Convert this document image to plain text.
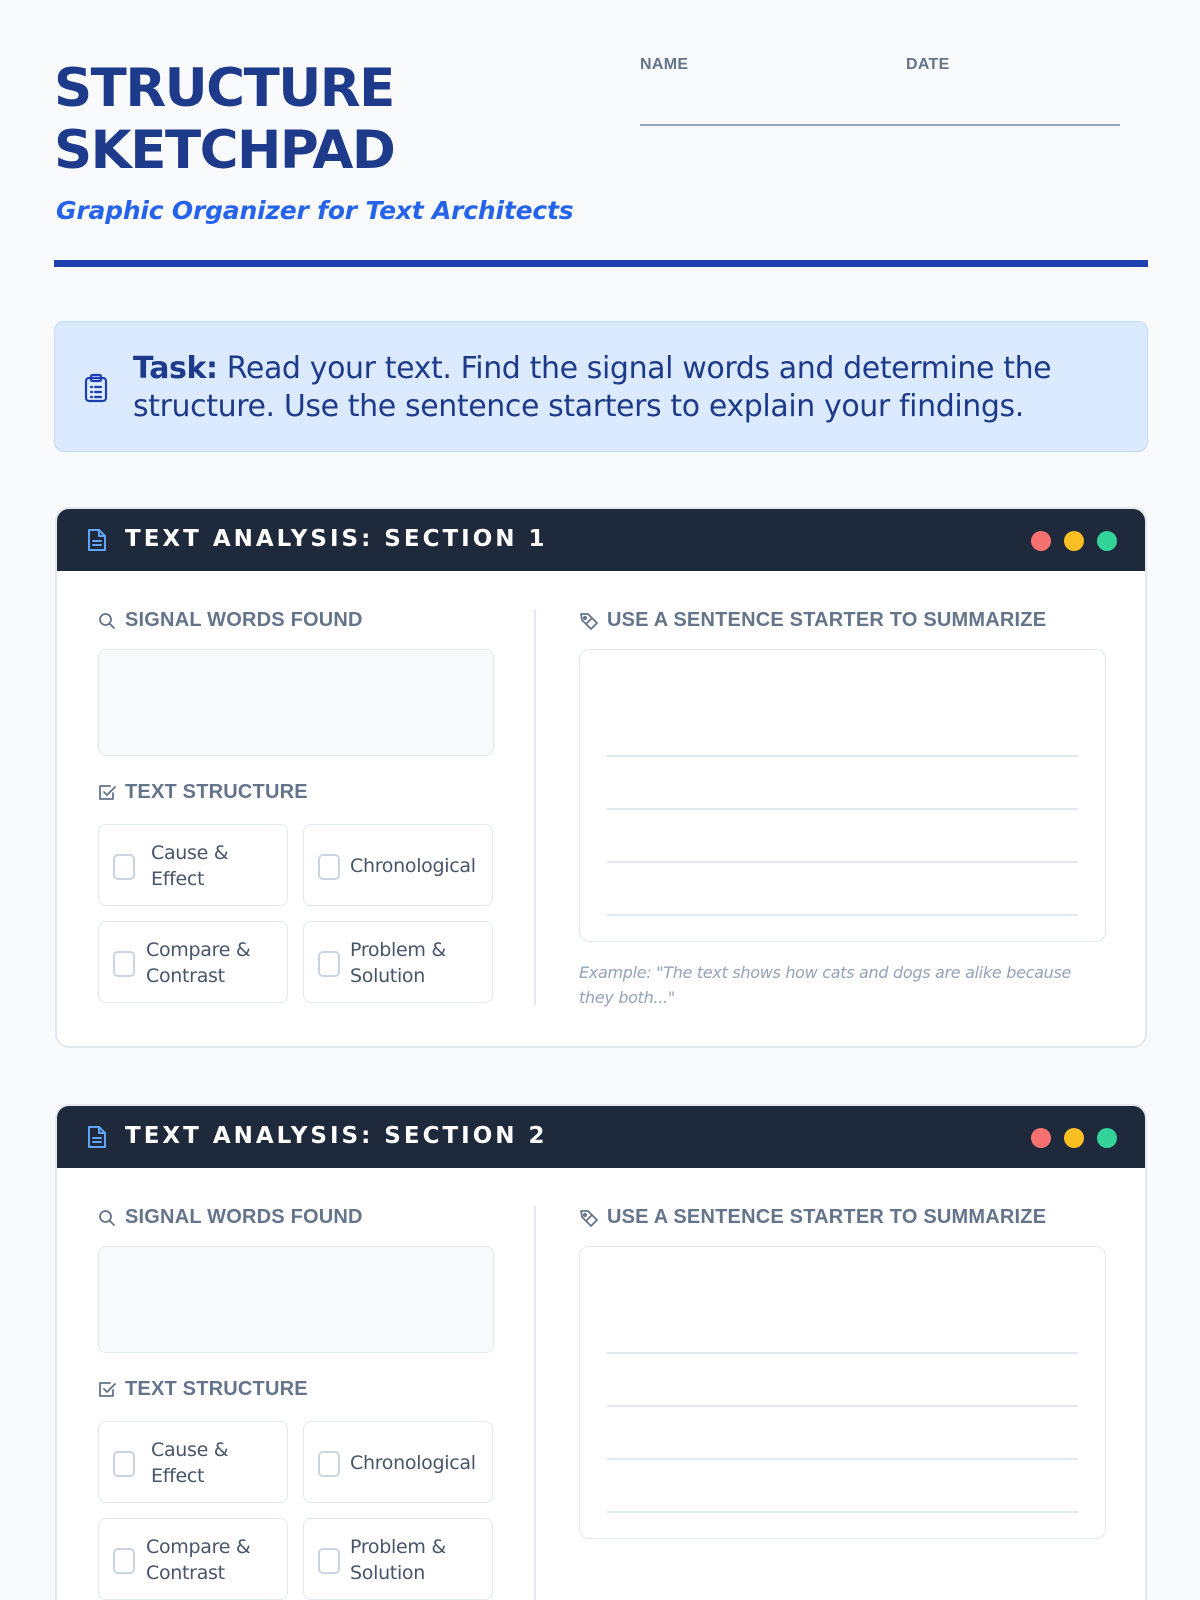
STRUCTURE SKETCHPAD
Graphic Organizer for Text Architects
NAME	DATE

Task: Read your text. Find the signal words and determine the structure. Use the sentence starters to explain your findings.

TEXT ANALYSIS: SECTION 1
SIGNAL WORDS FOUND
TEXT STRUCTURE
Cause & Effect
Chronological
Compare & Contrast
Problem & Solution
USE A SENTENCE STARTER TO SUMMARIZE

Example: "The text shows how cats and dogs are alike because they both..."

TEXT ANALYSIS: SECTION 2
SIGNAL WORDS FOUND
TEXT STRUCTURE
Cause & Effect
Chronological
Compare & Contrast
Problem & Solution
USE A SENTENCE STARTER TO SUMMARIZE
